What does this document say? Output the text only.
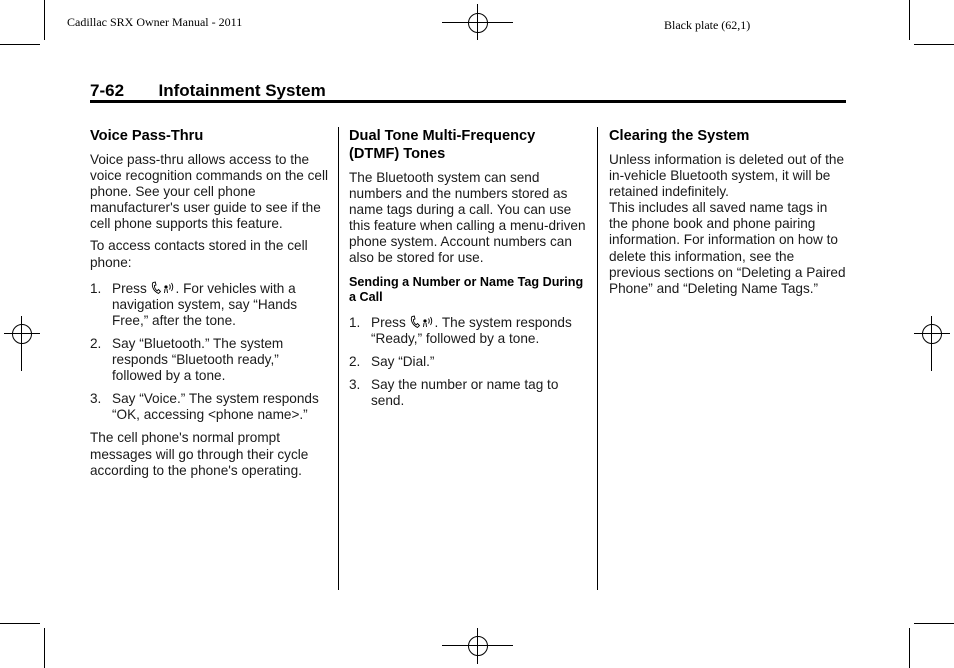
Cadillac SRX Owner Manual - 2011	Black plate (62,1)
7-62 Infotainment System
Voice Pass-Thru

Voice pass-thru allows access to the voice recognition commands on the cell phone. See your cell phone manufacturer's user guide to see if the cell phone supports this feature.

To access contacts stored in the cell phone:

1. Press . For vehicles with a navigation system, say “Hands Free,” after the tone.
2. Say “Bluetooth.” The system responds “Bluetooth ready,” followed by a tone.
3. Say “Voice.” The system responds “OK, accessing <phone name>.”

The cell phone's normal prompt messages will go through their cycle according to the phone's operating.

Dual Tone Multi-Frequency (DTMF) Tones

The Bluetooth system can send numbers and the numbers stored as name tags during a call. You can use this feature when calling a menu-driven phone system. Account numbers can also be stored for use.

Sending a Number or Name Tag During a Call
1. Press . The system responds “Ready,” followed by a tone.
2. Say “Dial.”
3. Say the number or name tag to send.
Clearing the System

Unless information is deleted out of the in-vehicle Bluetooth system, it will be retained indefinitely.

This includes all saved name tags in the phone book and phone pairing information. For information on how to delete this information, see the previous sections on “Deleting a Paired Phone” and “Deleting Name Tags.”
